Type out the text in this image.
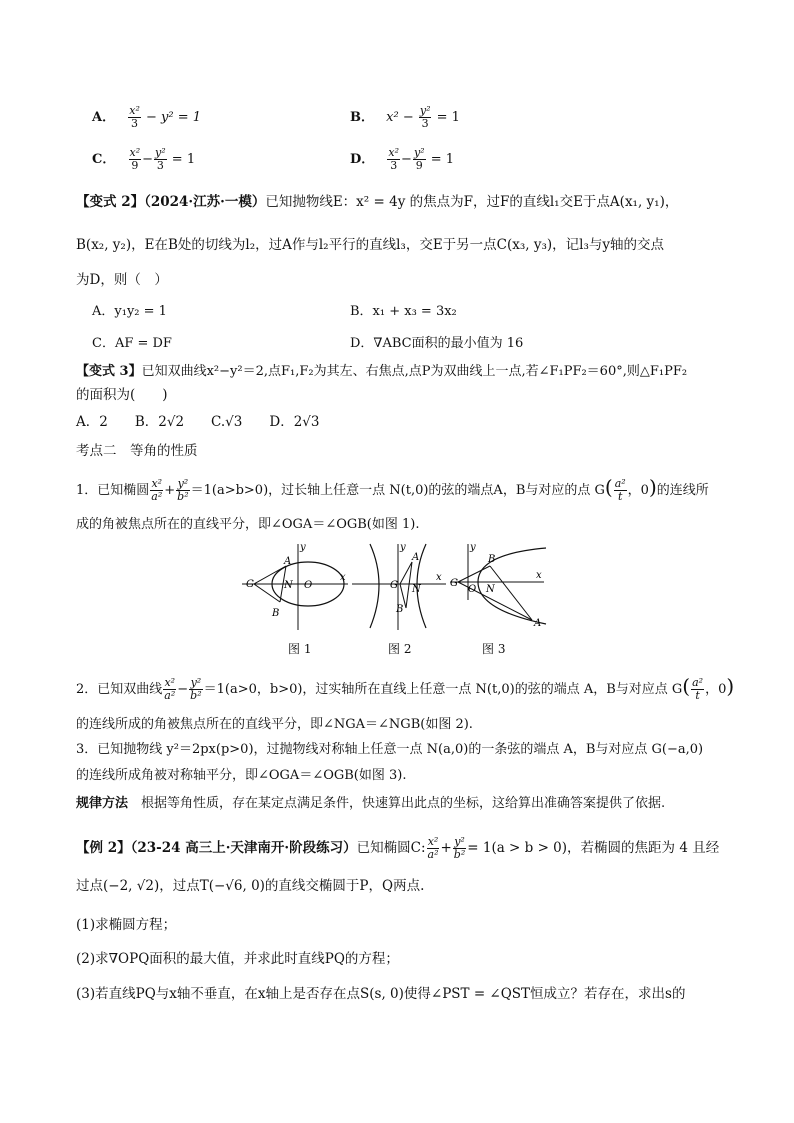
A． $\frac{\text{x²}}{3} - y^2 = 1$	B． $x^2 - \frac{\text{y²}}{3} = 1$
C． $\frac{\text{x²}}{9} - \frac{\text{y²}}{3} = 1$	D． $\frac{\text{x²}}{3} - \frac{\text{y²}}{9} = 1$
【变式 2】（2024·江苏·一模）已知抛物线E：x² = 4y 的焦点为F，过F的直线l₁交E于点A(x₁, y₁)，
B(x₂, y₂)，E在B处的切线为l₂，过A作与l₂平行的直线l₃，交E于另一点C(x₃, y₃)，记l₃与y轴的交点
为D，则（　）
A．y₁y₂ = 1	B．x₁ + x₃ = 3x₂
C．AF = DF	D．∇ABC面积的最小值为 16
【变式 3】已知双曲线x²−y²＝2,点F₁,F₂为其左、右焦点,点P为双曲线上一点,若∠F₁PF₂＝60°,则△F₁PF₂
的面积为(　　)
A．2　　B．2√2　　C.√3　　D．2√3
考点二　等角的性质
1．已知椭圆 $\frac{\text{x²}}{\text{a²}} + \frac{\text{y²}}{\text{b²}} =1(a>b>0)$，过长轴上任意一点 N(t,0)的弦的端点A，B与对应的点 $G( \frac{\text{a²}}{t}$ ，0)的连线所
成的角被焦点所在的直线平分，即∠OGA＝∠OGB(如图 1).
G
A
N O
B
x
y
G
A
N
B
x
y
G
O N
A
B
x
y
图 1	图 2	图 3
2．已知双曲线 $\frac{\text{x²}}{\text{a²}} - \frac{\text{y²}}{\text{b²}} =1(a>0$，b>0)，过实轴所在直线上任意一点 N(t,0)的弦的端点 A，B与对应点 $G( \frac{\text{a²}}{t}$ ，0)
的连线所成的角被焦点所在的直线平分，即∠NGA＝∠NGB(如图 2).
3．已知抛物线 y²＝2px(p>0)，过抛物线对称轴上任意一点 N(a,0)的一条弦的端点 A，B与对应点 G(−a,0)
的连线所成角被对称轴平分，即∠OGA＝∠OGB(如图 3).
规律方法　根据等角性质，存在某定点满足条件，快速算出此点的坐标，这给算出准确答案提供了依据.
【例 2】（23-24 高三上·天津南开·阶段练习）已知椭圆C: $\frac{\text{x²}}{\text{a²}} + \frac{\text{y²}}{\text{b²}} = 1(a > b > 0)$，若椭圆的焦距为 4 且经
过点(−2, √2)，过点T(−√6, 0)的直线交椭圆于P，Q两点.
(1)求椭圆方程；
(2)求∇OPQ面积的最大值，并求此时直线PQ的方程；
(3)若直线PQ与x轴不垂直，在x轴上是否存在点S(s, 0)使得∠PST = ∠QST恒成立？若存在，求出s的
